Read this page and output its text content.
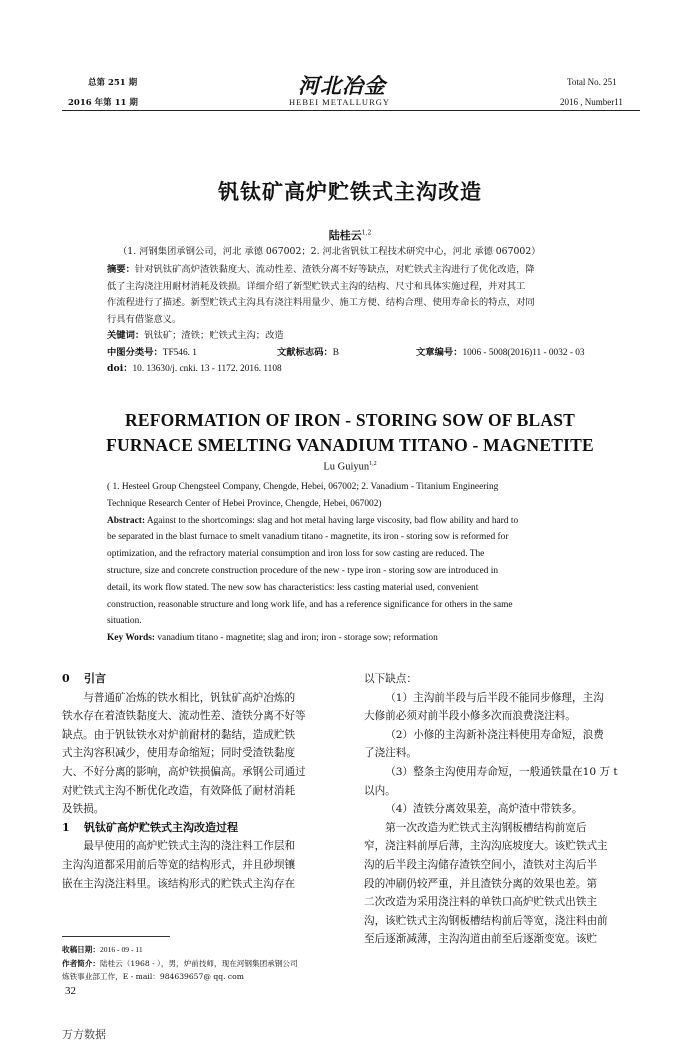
总第 251 期
2016 年第 11 期
河北冶金
HEBEI METALLURGY
Total No. 251
2016 , Number11
钒钛矿高炉贮铁式主沟改造
陆桂云$^{1,2}$
（1. 河钢集团承钢公司，河北 承德 067002；2. 河北省钒钛工程技术研究中心，河北 承德 067002）
摘要：针对钒钛矿高炉渣铁黏度大、流动性差、渣铁分离不好等缺点，对贮铁式主沟进行了优化改造，降
低了主沟浇注用耐材消耗及铁损。详细介绍了新型贮铁式主沟的结构、尺寸和具体实施过程，并对其工
作流程进行了描述。新型贮铁式主沟具有浇注料用量少、施工方便、结构合理、使用寿命长的特点，对同
行具有借鉴意义。
关键词：钒钛矿；渣铁；贮铁式主沟；改造
中图分类号：TF546. 1	文献标志码：B	文章编号：1006 - 5008(2016)11 - 0032 - 03
doi：10. 13630/j. cnki. 13 - 1172. 2016. 1108
REFORMATION OF IRON - STORING SOW OF BLAST
FURNACE SMELTING VANADIUM TITANO - MAGNETITE
Lu Guiyun$^{1,2}$
( 1. Hesteel Group Chengsteel Company, Chengde, Hebei, 067002; 2. Vanadium - Titanium Engineering
Technique Research Center of Hebei Province, Chengde, Hebei, 067002)
Abstract: Against to the shortcomings: slag and hot metal having large viscosity, bad flow ability and hard to
be separated in the blast furnace to smelt vanadium titano - magnetite, its iron - storing sow is reformed for
optimization, and the refractory material consumption and iron loss for sow casting are reduced. The
structure, size and concrete construction procedure of the new - type iron - storing sow are introduced in
detail, its work flow stated. The new sow has characteristics: less casting material used, convenient
construction, reasonable structure and long work life, and has a reference significance for others in the same
situation.
Key Words: vanadium titano - magnetite; slag and iron; iron - storage sow; reformation
0 引言

与普通矿冶炼的铁水相比，钒钛矿高炉冶炼的

铁水存在着渣铁黏度大、流动性差、渣铁分离不好等

缺点。由于钒钛铁水对炉前耐材的黏结，造成贮铁

式主沟容积减少，使用寿命缩短；同时受渣铁黏度

大、不好分离的影响，高炉铁损偏高。承钢公司通过

对贮铁式主沟不断优化改造，有效降低了耐材消耗

及铁损。

1 钒钛矿高炉贮铁式主沟改造过程

最早使用的高炉贮铁式主沟的浇注料工作层和

主沟沟道都采用前后等宽的结构形式，并且砂坝镶

嵌在主沟浇注料里。该结构形式的贮铁式主沟存在

收稿日期：2016 - 09 - 11
作者简介：陆桂云（1968 - ），男，炉前技师，现在河钢集团承钢公司
炼铁事业部工作，E - mail：984639657@ qq. com

以下缺点：

（1）主沟前半段与后半段不能同步修理，主沟

大修前必须对前半段小修多次而浪费浇注料。

（2）小修的主沟新补浇注料使用寿命短，浪费

了浇注料。

（3）整条主沟使用寿命短，一般通铁量在10 万 t

以内。

（4）渣铁分离效果差，高炉渣中带铁多。

第一次改造为贮铁式主沟钢板槽结构前宽后

窄，浇注料前厚后薄，主沟沟底坡度大。该贮铁式主

沟的后半段主沟储存渣铁空间小，渣铁对主沟后半

段的冲刷仍较严重，并且渣铁分离的效果也差。第

二次改造为采用浇注料的单铁口高炉贮铁式出铁主

沟，该贮铁式主沟钢板槽结构前后等宽，浇注料由前

至后逐渐减薄，主沟沟道由前至后逐渐变宽。该贮

32
万方数据
